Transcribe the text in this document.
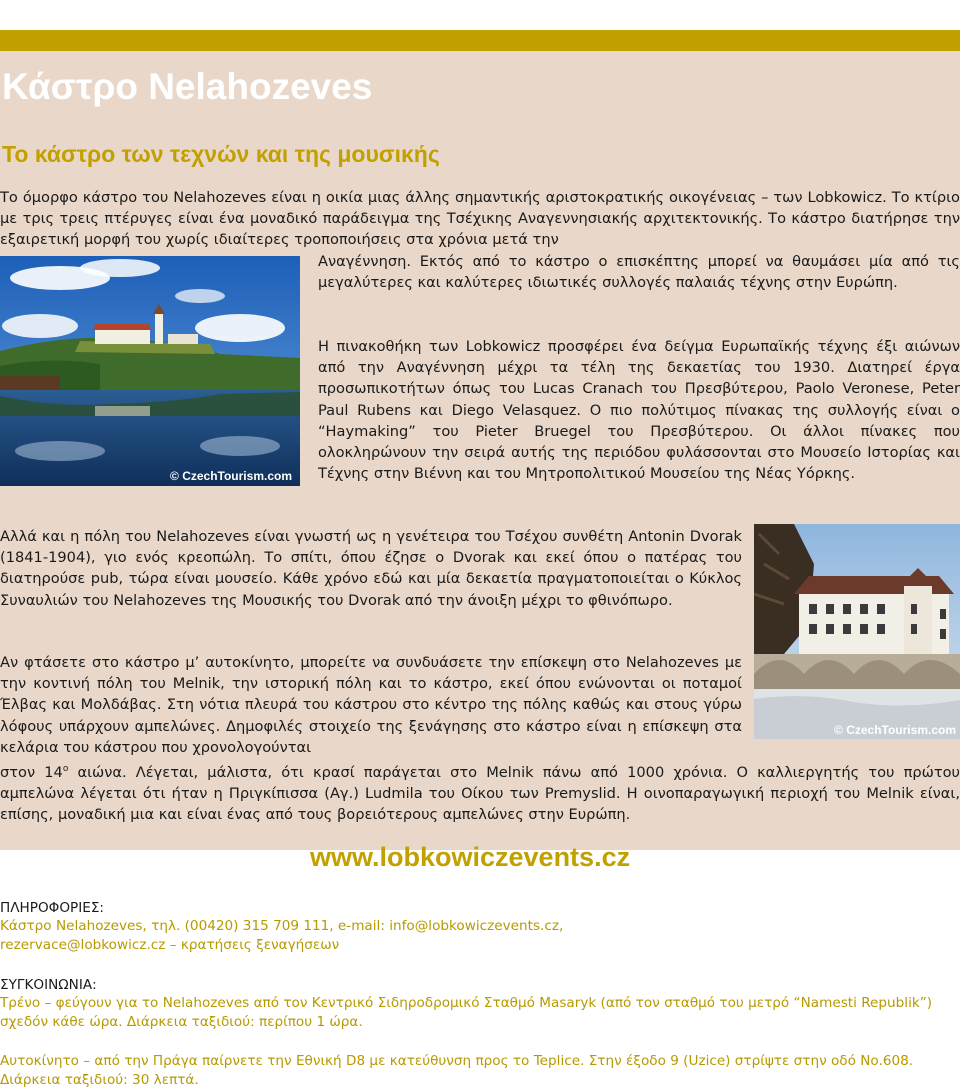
Κάστρο Nelahozeves
Το κάστρο των τεχνών και της μουσικής

Το όμορφο κάστρο του Nelahozeves είναι η οικία μιας άλλης σημαντικής αριστοκρατικής οικογένειας – των Lobkowicz. Το κτίριο με τρις τρεις πτέρυγες είναι ένα μοναδικό παράδειγμα της Τσέχικης Αναγεννησιακής αρχιτεκτονικής. Το κάστρο διατήρησε την εξαιρετική μορφή του χωρίς ιδιαίτερες τροποποιήσεις στα χρόνια μετά την

© CzechTourism.com

Αναγέννηση. Εκτός από το κάστρο ο επισκέπτης μπορεί να θαυμάσει μία από τις μεγαλύτερες και καλύτερες ιδιωτικές συλλογές παλαιάς τέχνης στην Ευρώπη.

Η πινακοθήκη των Lobkowicz προσφέρει ένα δείγμα Ευρωπαϊκής τέχνης έξι αιώνων από την Αναγέννηση μέχρι τα τέλη της δεκαετίας του 1930. Διατηρεί έργα προσωπικοτήτων όπως του Lucas Cranach του Πρεσβύτερου, Paolo Veronese, Peter Paul Rubens και Diego Velasquez. Ο πιο πολύτιμος πίνακας της συλλογής είναι ο “Haymaking” του Pieter Bruegel του Πρεσβύτερου. Οι άλλοι πίνακες που ολοκληρώνουν την σειρά αυτής της περιόδου φυλάσσονται στο Μουσείο Ιστορίας και Τέχνης στην Βιέννη και του Μητροπολιτικού Μουσείου της Νέας Υόρκης.

Αλλά και η πόλη του Nelahozeves είναι γνωστή ως η γενέτειρα του Τσέχου συνθέτη Antonin Dvorak (1841-1904), γιο ενός κρεοπώλη. Το σπίτι, όπου έζησε ο Dvorak και εκεί όπου ο πατέρας του διατηρούσε pub, τώρα είναι μουσείο. Κάθε χρόνο εδώ και μία δεκαετία πραγματοποιείται ο Κύκλος Συναυλιών του Nelahozeves της Μουσικής του Dvorak από την άνοιξη μέχρι το φθινόπωρο.

© CzechTourism.com

Αν φτάσετε στο κάστρο μ’ αυτοκίνητο, μπορείτε να συνδυάσετε την επίσκεψη στο Nelahozeves με την κοντινή πόλη του Melnik, την ιστορική πόλη και το κάστρο, εκεί όπου ενώνονται οι ποταμοί Έλβας και Μολδάβας. Στη νότια πλευρά του κάστρου στο κέντρο της πόλης καθώς και στους γύρω λόφους υπάρχουν αμπελώνες. Δημοφιλές στοιχείο της ξενάγησης στο κάστρο είναι η επίσκεψη στα κελάρια του κάστρου που χρονολογούνται

στον $14^o$ αιώνα. Λέγεται, μάλιστα, ότι κρασί παράγεται στο Melnik πάνω από 1000 χρόνια. Ο καλλιεργητής του πρώτου αμπελώνα λέγεται ότι ήταν η Πριγκίπισσα (Αγ.) Ludmila του Οίκου των Premyslid. Η οινοπαραγωγική περιοχή του Melnik είναι, επίσης, μοναδική μια και είναι ένας από τους βορειότερους αμπελώνες στην Ευρώπη.

www.lobkowiczevents.cz

ΠΛΗΡΟΦΟΡΙΕΣ:

Κάστρο Nelahozeves, τηλ. (00420) 315 709 111, e-mail: info@lobkowiczevents.cz,

rezervace@lobkowicz.cz – κρατήσεις ξεναγήσεων

ΣΥΓΚΟΙΝΩΝΙΑ:

Τρένο – φεύγουν για το Nelahozeves από τον Κεντρικό Σιδηροδρομικό Σταθμό Masaryk (από τον σταθμό του μετρό “Namesti Republik”) σχεδόν κάθε ώρα. Διάρκεια ταξιδιού: περίπου 1 ώρα.

Αυτοκίνητο – από την Πράγα παίρνετε την Εθνική D8 με κατεύθυνση προς το Teplice. Στην έξοδο 9 (Uzice) στρίψτε στην οδό No.608. Διάρκεια ταξιδιού: 30 λεπτά.
